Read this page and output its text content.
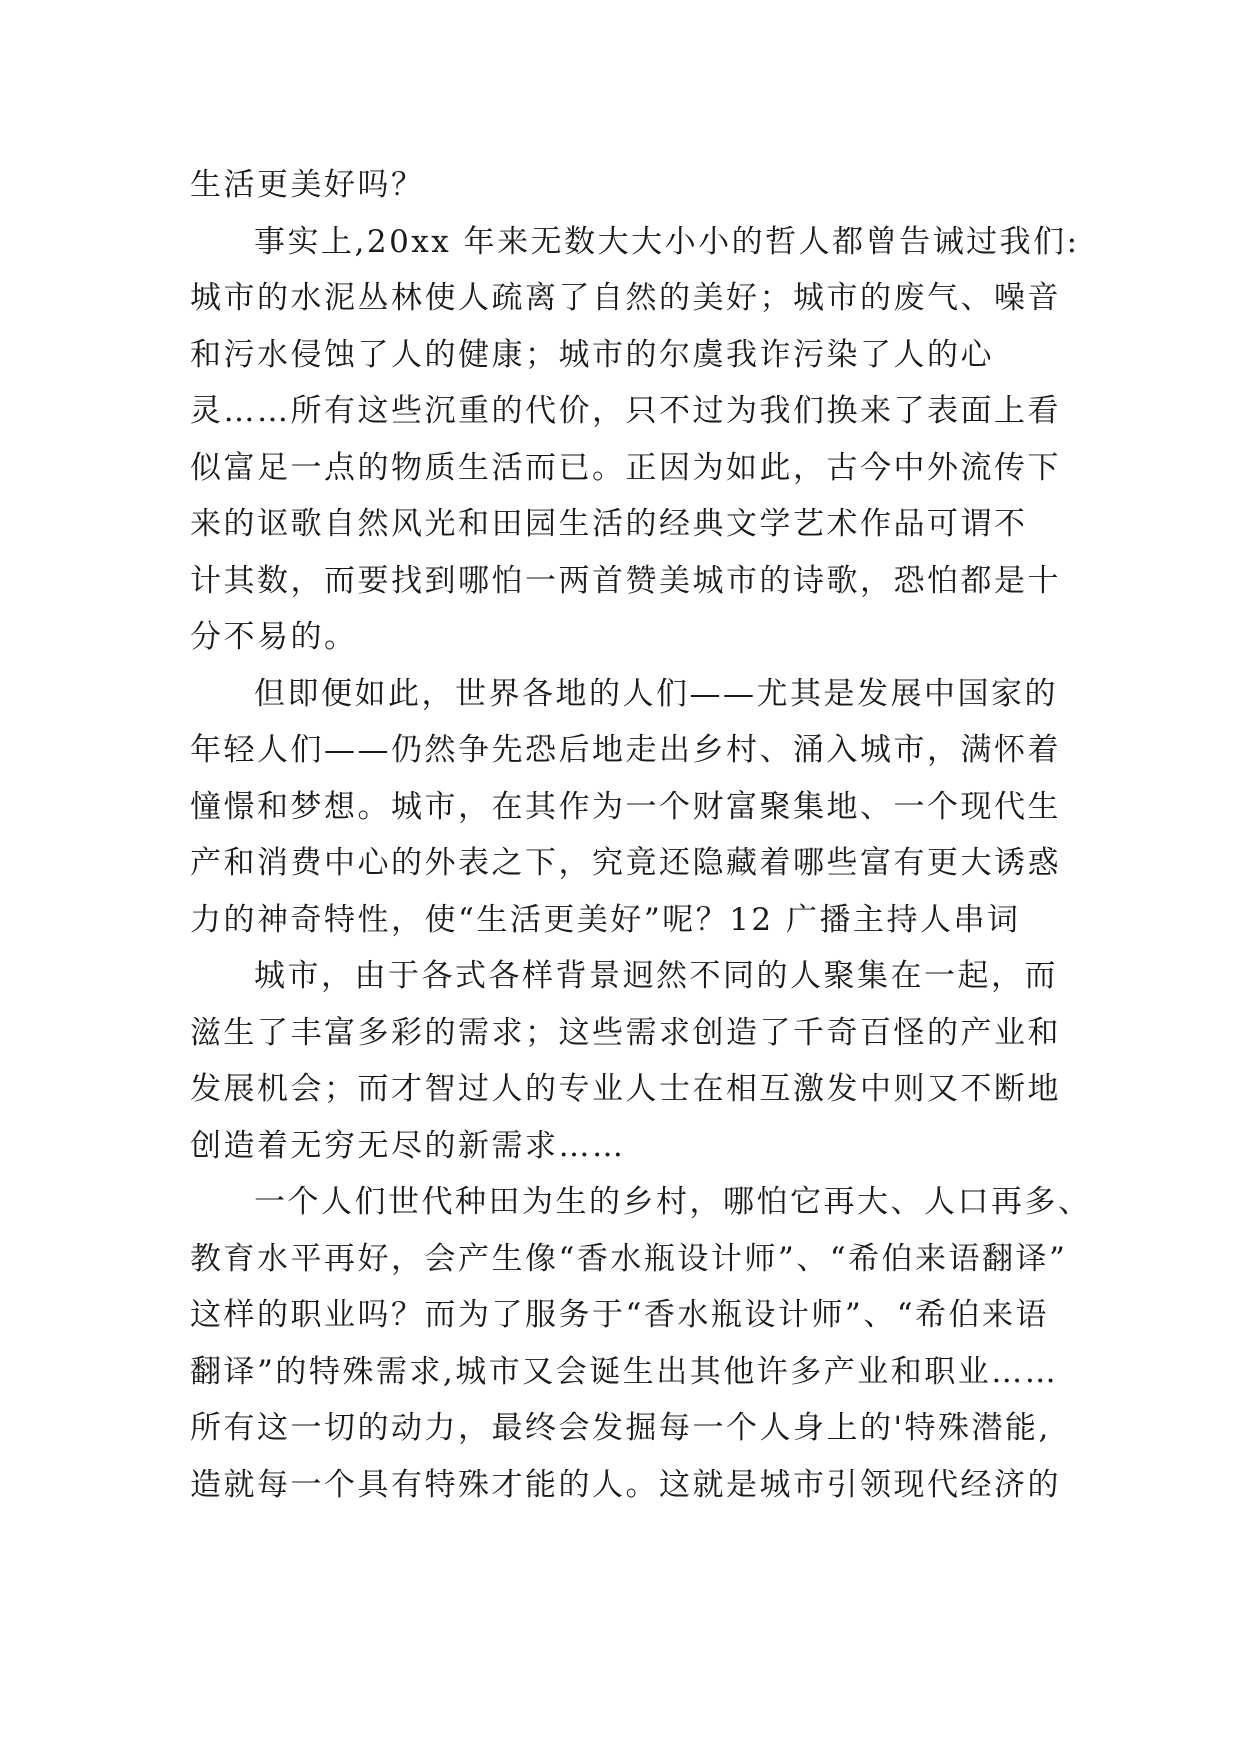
生活更美好吗？
事实上,20xx 年来无数大大小小的哲人都曾告诫过我们:
城市的水泥丛林使人疏离了自然的美好；城市的废气、噪音
和污水侵蚀了人的健康；城市的尔虞我诈污染了人的心
灵……所有这些沉重的代价，只不过为我们换来了表面上看
似富足一点的物质生活而已。正因为如此，古今中外流传下
来的讴歌自然风光和田园生活的经典文学艺术作品可谓不
计其数，而要找到哪怕一两首赞美城市的诗歌，恐怕都是十
分不易的。
但即便如此，世界各地的人们——尤其是发展中国家的
年轻人们——仍然争先恐后地走出乡村、涌入城市，满怀着
憧憬和梦想。城市，在其作为一个财富聚集地、一个现代生
产和消费中心的外表之下，究竟还隐藏着哪些富有更大诱惑
力的神奇特性，使“生活更美好”呢？12 广播主持人串词
城市，由于各式各样背景迥然不同的人聚集在一起，而
滋生了丰富多彩的需求；这些需求创造了千奇百怪的产业和
发展机会；而才智过人的专业人士在相互激发中则又不断地
创造着无穷无尽的新需求……
一个人们世代种田为生的乡村，哪怕它再大、人口再多、
教育水平再好，会产生像“香水瓶设计师”、“希伯来语翻译”
这样的职业吗？而为了服务于“香水瓶设计师”、“希伯来语
翻译”的特殊需求,城市又会诞生出其他许多产业和职业……
所有这一切的动力，最终会发掘每一个人身上的'特殊潜能,
造就每一个具有特殊才能的人。这就是城市引领现代经济的
